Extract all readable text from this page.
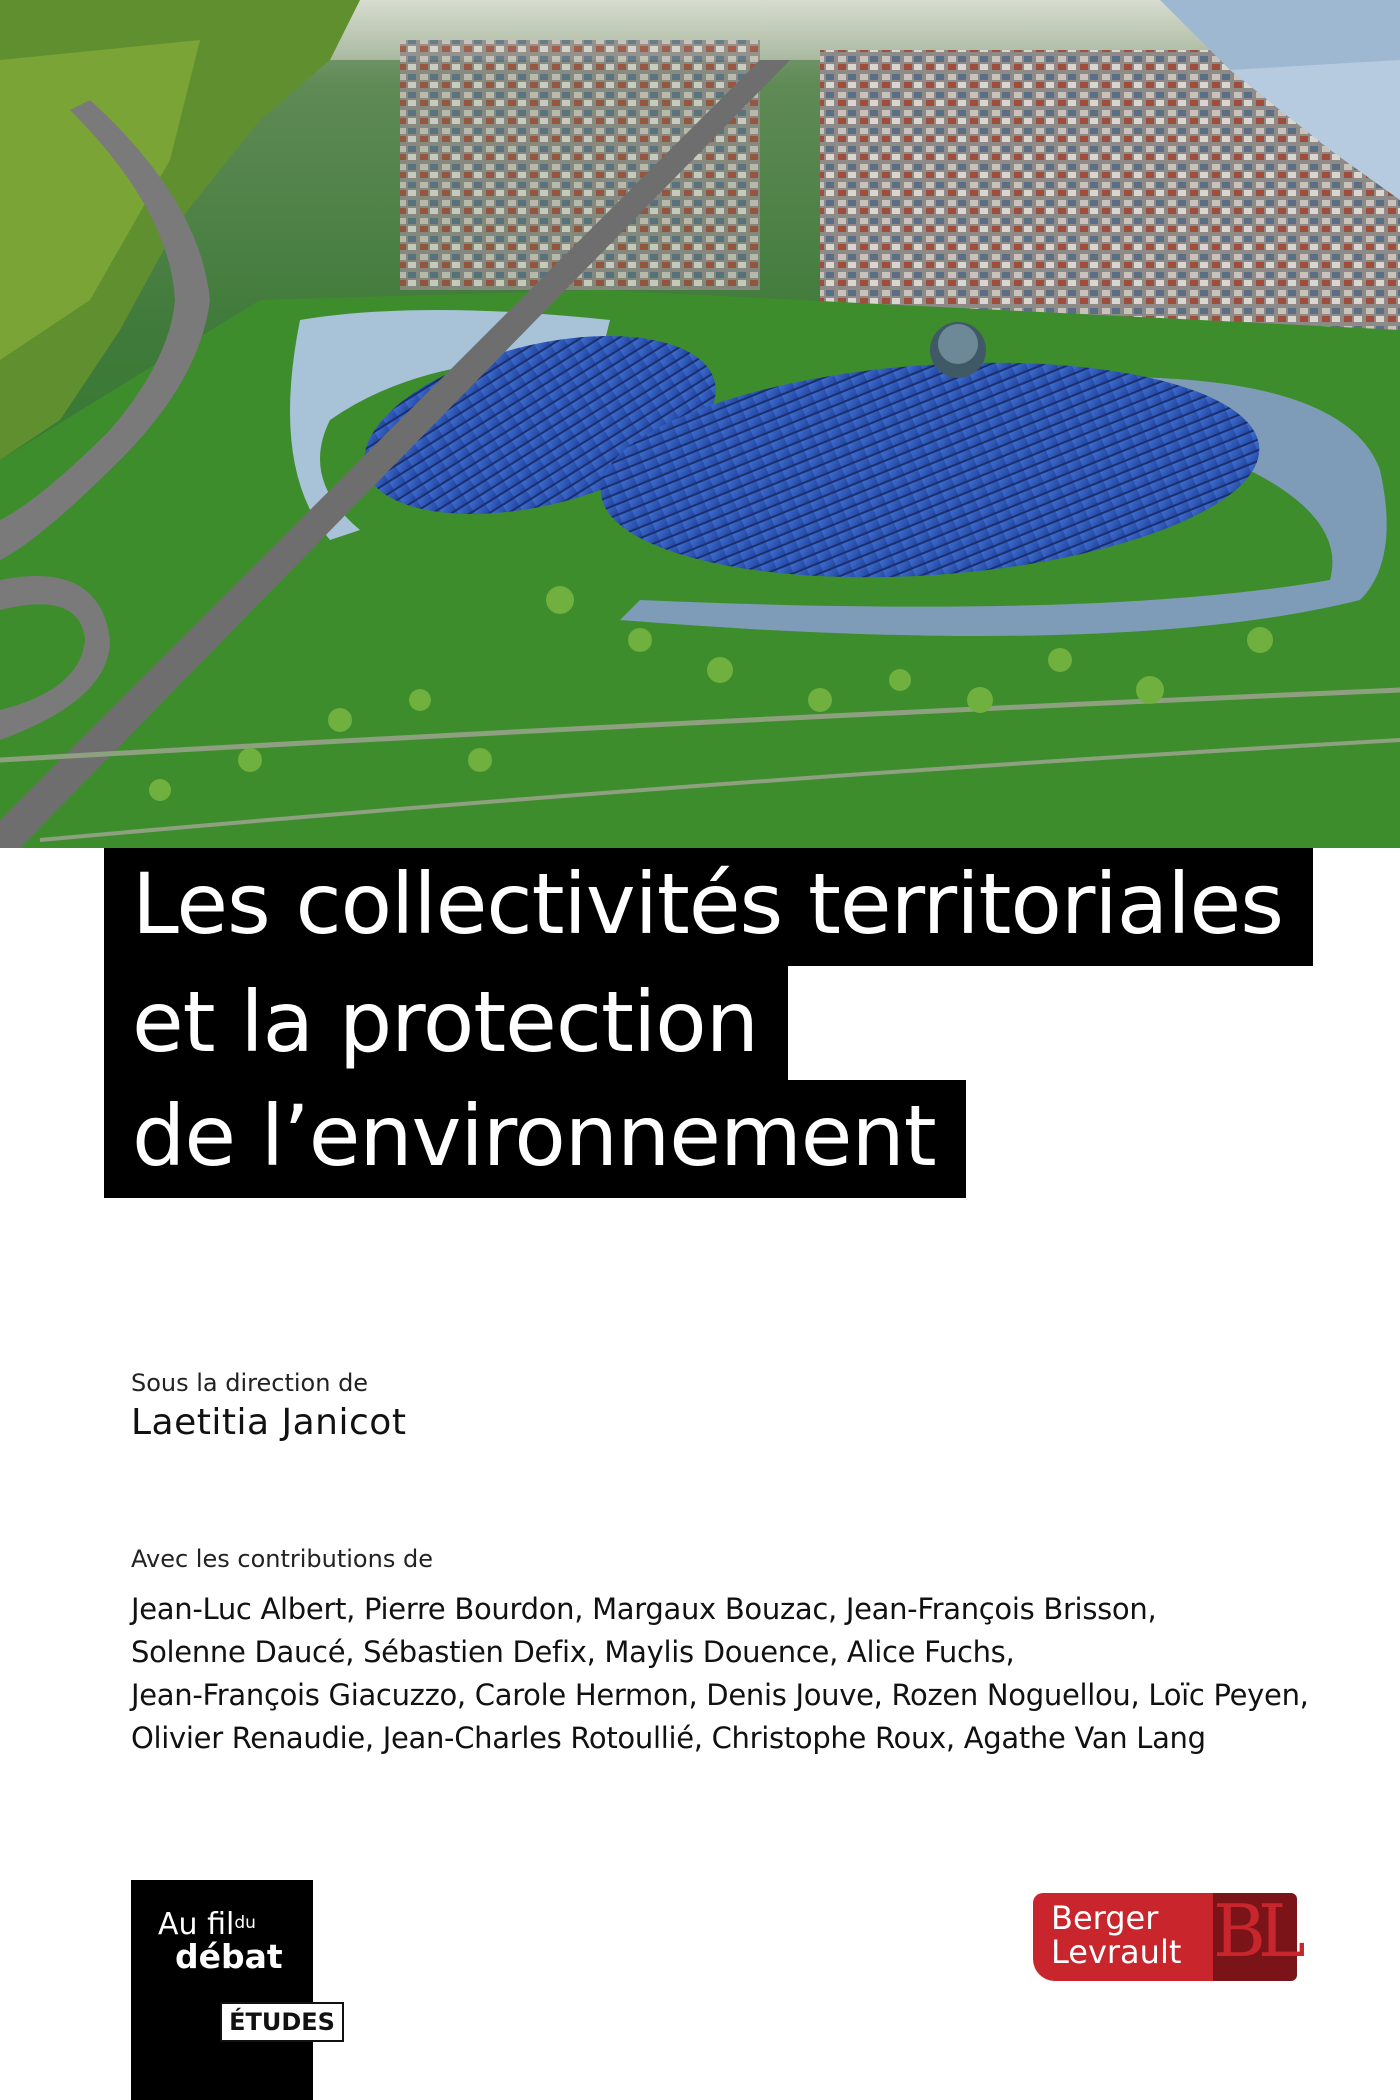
Les collectivités territoriales
et la protection
de l’environnement
Sous la direction de
Laetitia Janicot
Avec les contributions de
Jean-Luc Albert, Pierre Bourdon, Margaux Bouzac, Jean-François Brisson,
Solenne Daucé, Sébastien Defix, Maylis Douence, Alice Fuchs,
Jean-François Giacuzzo, Carole Hermon, Denis Jouve, Rozen Noguellou, Loïc Peyen,
Olivier Renaudie, Jean-Charles Rotoullié, Christophe Roux, Agathe Van Lang
Au fil$^{du}$
débat
ÉTUDES
BL
Berger
Levrault
